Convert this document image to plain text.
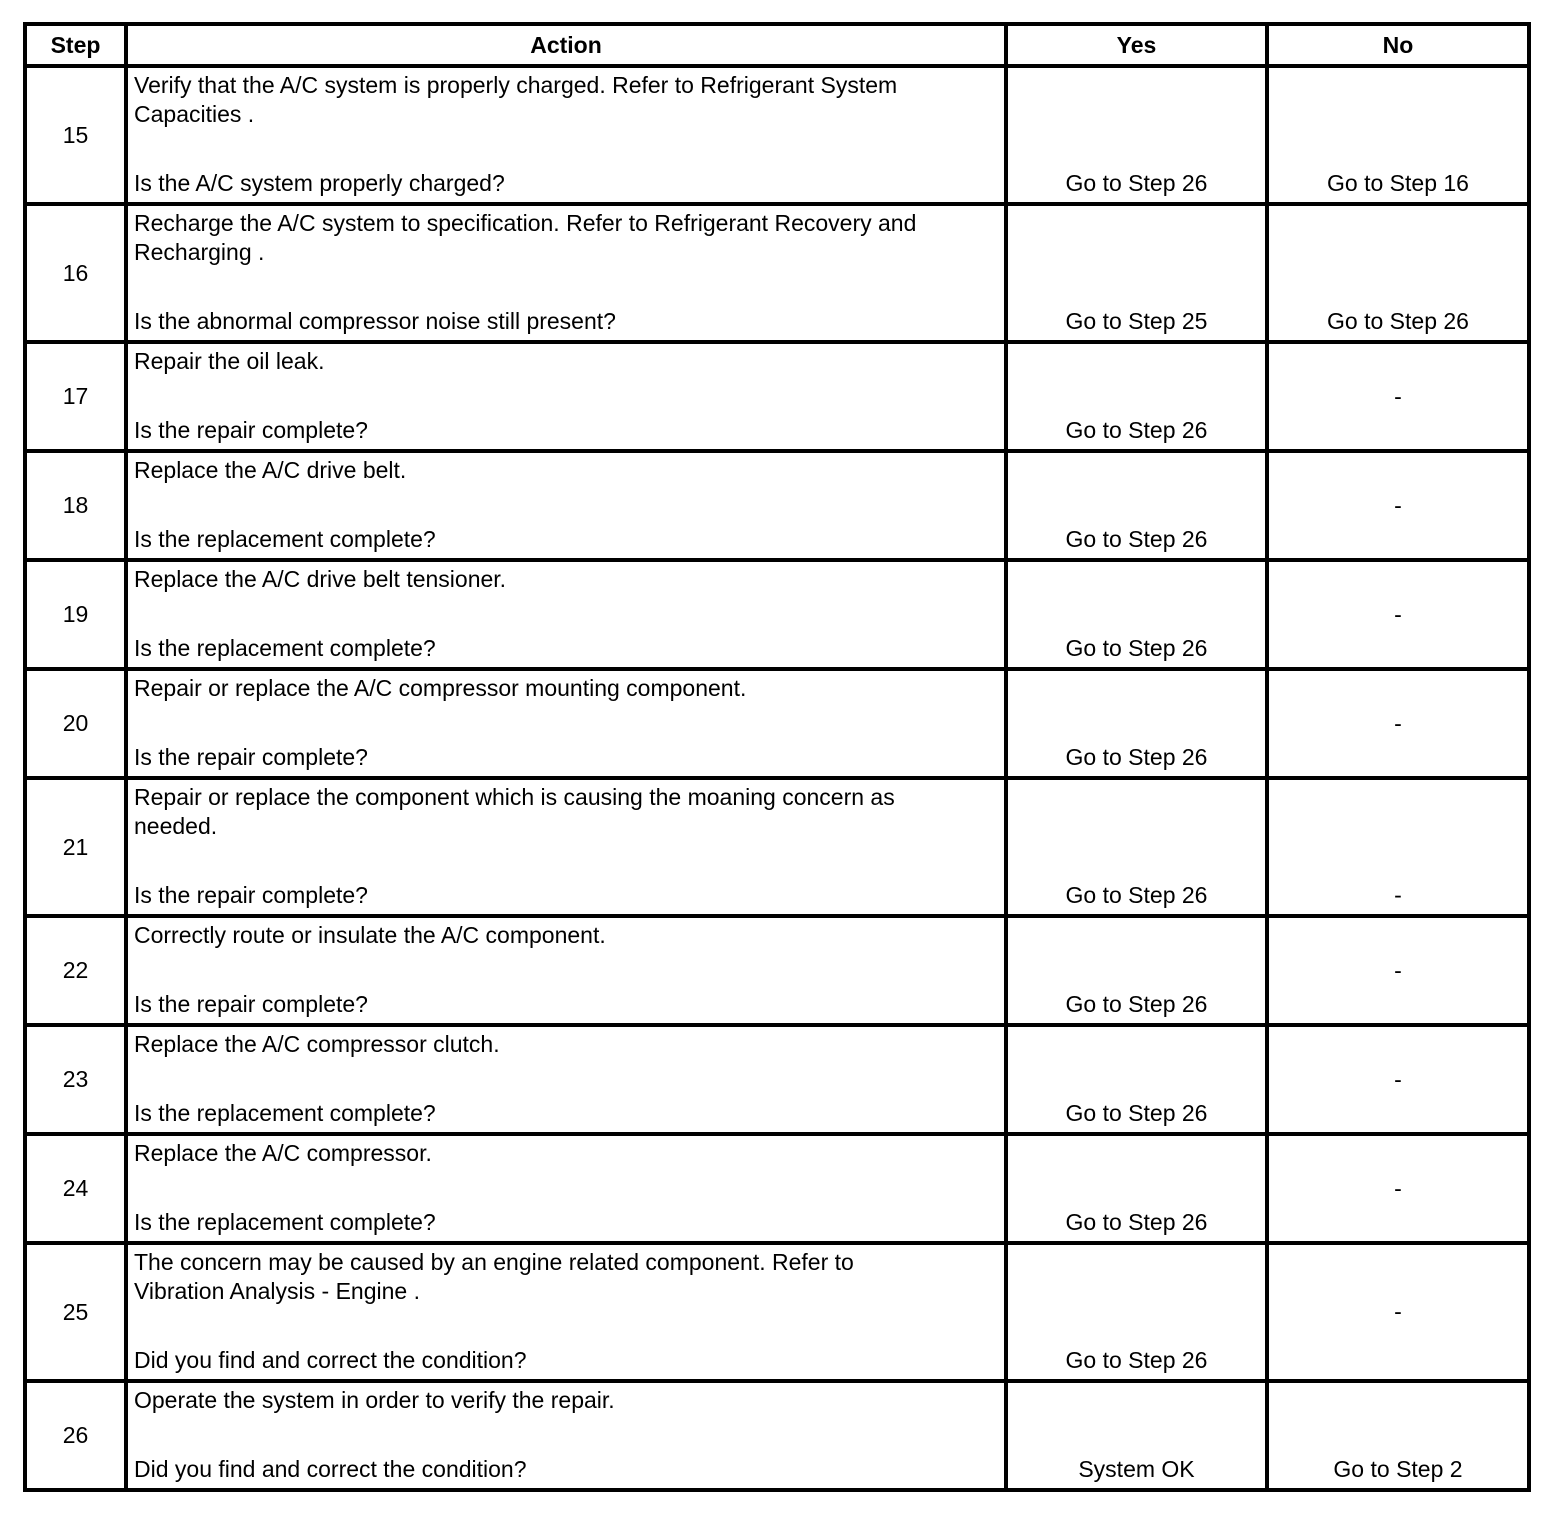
Step	Action	Yes	No
15	Verify that the A/C system is properly charged. Refer to Refrigerant System
Capacities .
Is the A/C system properly charged?	Go to Step 26	Go to Step 16

16	Recharge the A/C system to specification. Refer to Refrigerant Recovery and
Recharging .
Is the abnormal compressor noise still present?	Go to Step 25	Go to Step 26

17	Repair the oil leak.
Is the repair complete?	Go to Step 26	-

18	Replace the A/C drive belt.
Is the replacement complete?	Go to Step 26	-

19	Replace the A/C drive belt tensioner.
Is the replacement complete?	Go to Step 26	-

20	Repair or replace the A/C compressor mounting component.
Is the repair complete?	Go to Step 26	-

21	Repair or replace the component which is causing the moaning concern as
needed.
Is the repair complete?	Go to Step 26	-

22	Correctly route or insulate the A/C component.
Is the repair complete?	Go to Step 26	-

23	Replace the A/C compressor clutch.
Is the replacement complete?	Go to Step 26	-

24	Replace the A/C compressor.
Is the replacement complete?	Go to Step 26	-

25	The concern may be caused by an engine related component. Refer to
Vibration Analysis - Engine .
Did you find and correct the condition?	Go to Step 26	-

26	Operate the system in order to verify the repair.
Did you find and correct the condition?	System OK	Go to Step 2
